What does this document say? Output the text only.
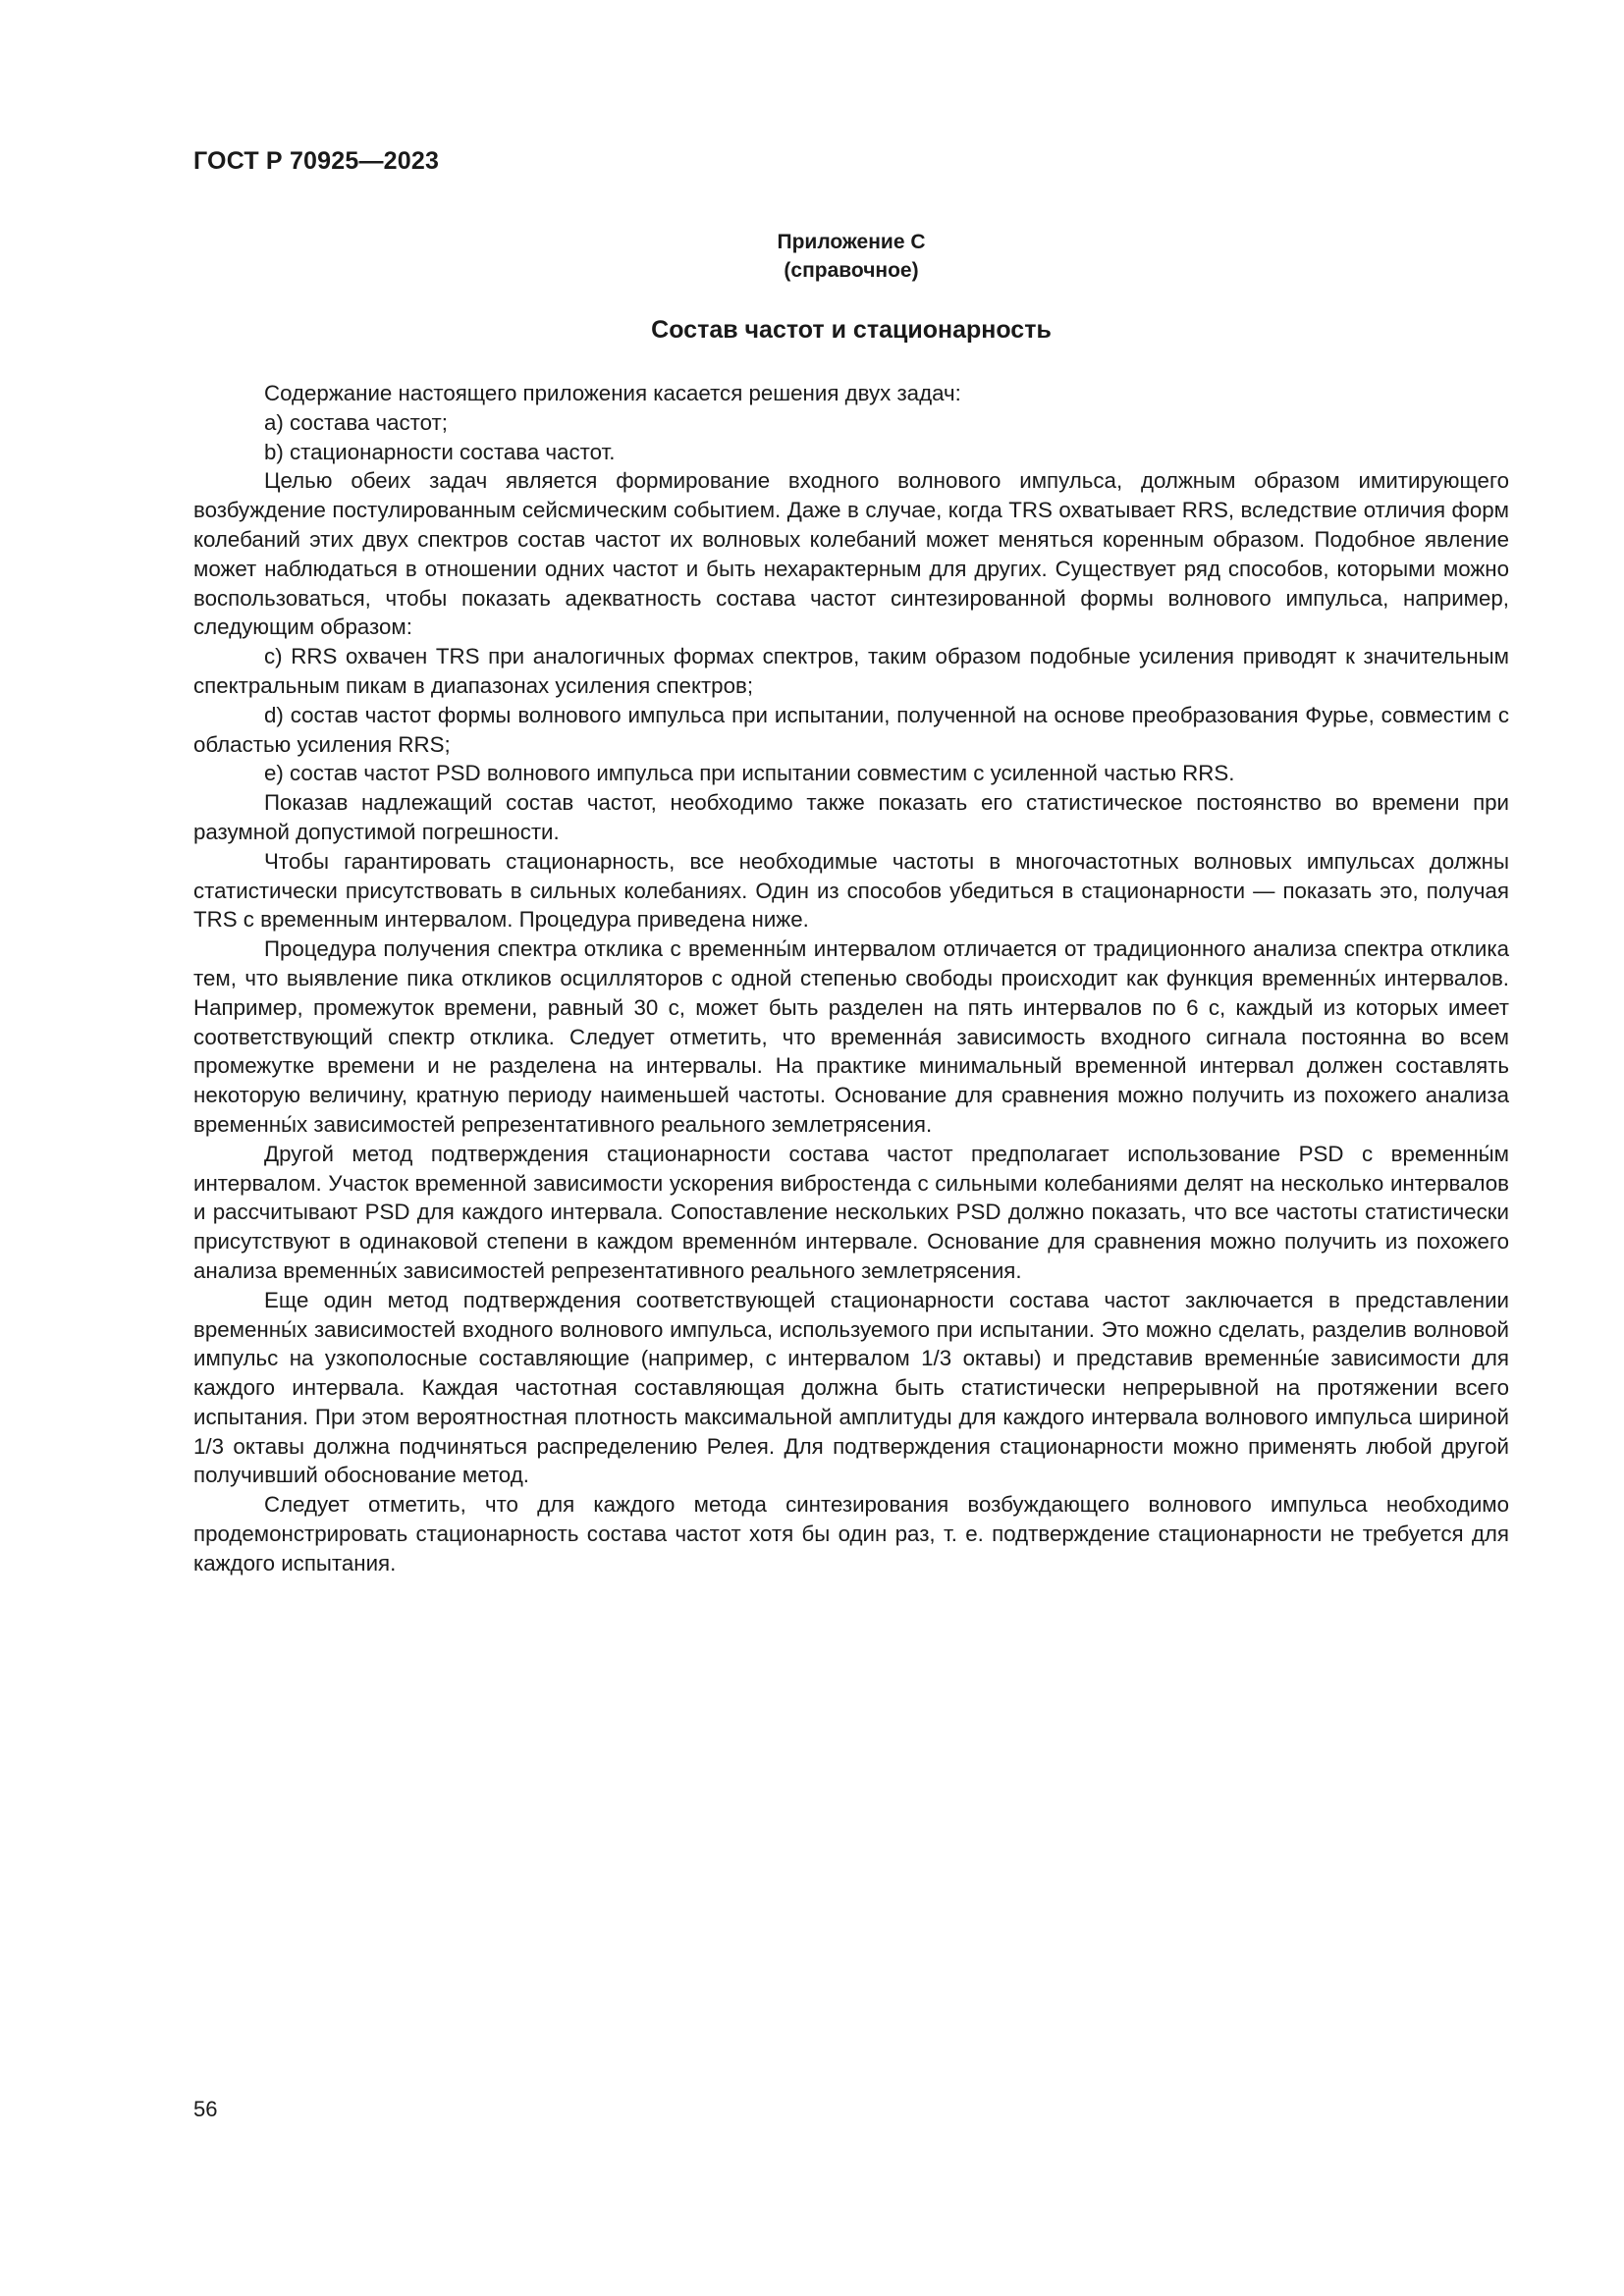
ГОСТ Р 70925—2023
Приложение С
(справочное)
Состав частот и стационарность

Содержание настоящего приложения касается решения двух задач:

a) состава частот;

b) стационарности состава частот.

Целью обеих задач является формирование входного волнового импульса, должным образом имитирующего возбуждение постулированным сейсмическим событием. Даже в случае, когда TRS охватывает RRS, вследствие отличия форм колебаний этих двух спектров состав частот их волновых колебаний может меняться коренным образом. Подобное явление может наблюдаться в отношении одних частот и быть нехарактерным для других. Существует ряд способов, которыми можно воспользоваться, чтобы показать адекватность состава частот синтезированной формы волнового импульса, например, следующим образом:

c) RRS охвачен TRS при аналогичных формах спектров, таким образом подобные усиления приводят к значительным спектральным пикам в диапазонах усиления спектров;

d) состав частот формы волнового импульса при испытании, полученной на основе преобразования Фурье, совместим с областью усиления RRS;

e) состав частот PSD волнового импульса при испытании совместим с усиленной частью RRS.

Показав надлежащий состав частот, необходимо также показать его статистическое постоянство во времени при разумной допустимой погрешности.

Чтобы гарантировать стационарность, все необходимые частоты в многочастотных волновых импульсах должны статистически присутствовать в сильных колебаниях. Один из способов убедиться в стационарности — показать это, получая TRS с временным интервалом. Процедура приведена ниже.

Процедура получения спектра отклика с временны́м интервалом отличается от традиционного анализа спектра отклика тем, что выявление пика откликов осцилляторов с одной степенью свободы происходит как функция временны́х интервалов. Например, промежуток времени, равный 30 с, может быть разделен на пять интервалов по 6 с, каждый из которых имеет соответствующий спектр отклика. Следует отметить, что временна́я зависимость входного сигнала постоянна во всем промежутке времени и не разделена на интервалы. На практике минимальный временной интервал должен составлять некоторую величину, кратную периоду наименьшей частоты. Основание для сравнения можно получить из похожего анализа временны́х зависимостей репрезентативного реального землетрясения.

Другой метод подтверждения стационарности состава частот предполагает использование PSD с временны́м интервалом. Участок временной зависимости ускорения вибростенда с сильными колебаниями делят на несколько интервалов и рассчитывают PSD для каждого интервала. Сопоставление нескольких PSD должно показать, что все частоты статистически присутствуют в одинаковой степени в каждом временно́м интервале. Основание для сравнения можно получить из похожего анализа временны́х зависимостей репрезентативного реального землетрясения.

Еще один метод подтверждения соответствующей стационарности состава частот заключается в представлении временны́х зависимостей входного волнового импульса, используемого при испытании. Это можно сделать, разделив волновой импульс на узкополосные составляющие (например, с интервалом 1/3 октавы) и представив временны́е зависимости для каждого интервала. Каждая частотная составляющая должна быть статистически непрерывной на протяжении всего испытания. При этом вероятностная плотность максимальной амплитуды для каждого интервала волнового импульса шириной 1/3 октавы должна подчиняться распределению Релея. Для подтверждения стационарности можно применять любой другой получивший обоснование метод.

Следует отметить, что для каждого метода синтезирования возбуждающего волнового импульса необходимо продемонстрировать стационарность состава частот хотя бы один раз, т. е. подтверждение стационарности не требуется для каждого испытания.

56
